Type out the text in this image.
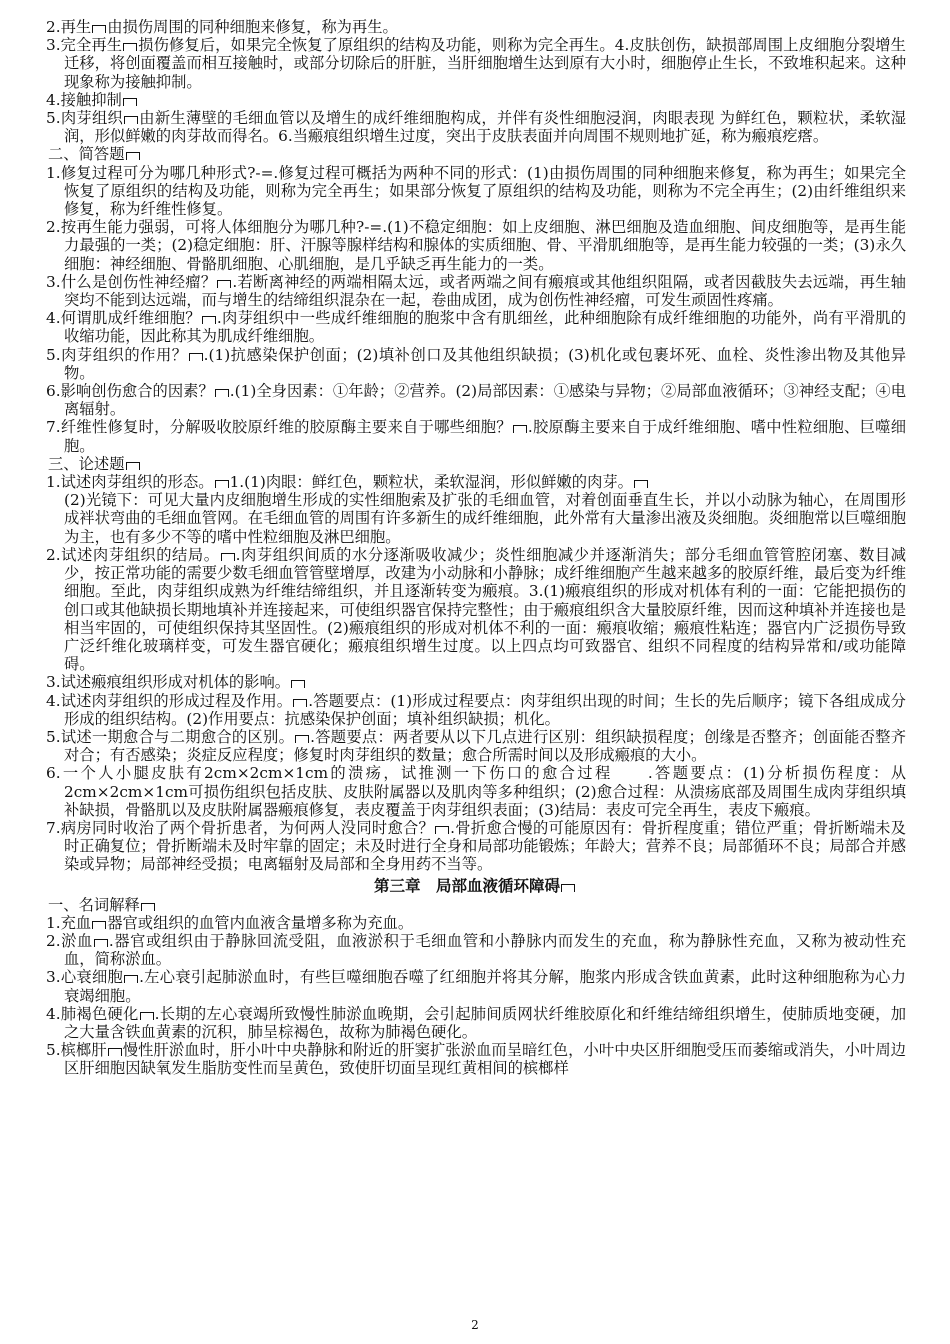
2.再生 由损伤周围的同种细胞来修复，称为再生。

3.完全再生 损伤修复后，如果完全恢复了原组织的结构及功能，则称为完全再生。4.皮肤创伤，缺损部周围上皮细胞分裂增生迁移，将创面覆盖而相互接触时，或部分切除后的肝脏，当肝细胞增生达到原有大小时，细胞停止生长，不致堆积起来。这种现象称为接触抑制。

4.接触抑制

5.肉芽组织 由新生薄壁的毛细血管以及增生的成纤维细胞构成，并伴有炎性细胞浸润，肉眼表现 为鲜红色，颗粒状，柔软湿润，形似鲜嫩的肉芽故而得名。6.当瘢痕组织增生过度，突出于皮肤表面并向周围不规则地扩延，称为瘢痕疙瘩。

二、简答题

1.修复过程可分为哪几种形式?-=.修复过程可概括为两种不同的形式：(1)由损伤周围的同种细胞来修复，称为再生；如果完全恢复了原组织的结构及功能，则称为完全再生；如果部分恢复了原组织的结构及功能，则称为不完全再生；(2)由纤维组织来修复，称为纤维性修复。

2.按再生能力强弱，可将人体细胞分为哪几种?-=.(1)不稳定细胞：如上皮细胞、淋巴细胞及造血细胞、间皮细胞等，是再生能力最强的一类；(2)稳定细胞：肝、汗腺等腺样结构和腺体的实质细胞、骨、平滑肌细胞等，是再生能力较强的一类；(3)永久细胞：神经细胞、骨骼肌细胞、心肌细胞，是几乎缺乏再生能力的一类。

3.什么是创伤性神经瘤？ .若断离神经的两端相隔太远，或者两端之间有瘢痕或其他组织阻隔，或者因截肢失去远端，再生轴突均不能到达远端，而与增生的结缔组织混杂在一起，卷曲成团，成为创伤性神经瘤，可发生顽固性疼痛。

4.何谓肌成纤维细胞？ .肉芽组织中一些成纤维细胞的胞浆中含有肌细丝，此种细胞除有成纤维细胞的功能外，尚有平滑肌的收缩功能，因此称其为肌成纤维细胞。

5.肉芽组织的作用？ .(1)抗感染保护创面；(2)填补创口及其他组织缺损；(3)机化或包裹坏死、血栓、炎性渗出物及其他异物。

6.影响创伤愈合的因素？ .(1)全身因素：①年龄；②营养。(2)局部因素：①感染与异物；②局部血液循环；③神经支配；④电离辐射。

7.纤维性修复时，分解吸收胶原纤维的胶原酶主要来自于哪些细胞？ .胶原酶主要来自于成纤维细胞、嗜中性粒细胞、巨噬细胞。

三、论述题

1.试述肉芽组织的形态。 1.(1)肉眼：鲜红色，颗粒状，柔软湿润，形似鲜嫩的肉芽。

(2)光镜下：可见大量内皮细胞增生形成的实性细胞索及扩张的毛细血管，对着创面垂直生长，并以小动脉为轴心，在周围形成袢状弯曲的毛细血管网。在毛细血管的周围有许多新生的成纤维细胞，此外常有大量渗出液及炎细胞。炎细胞常以巨噬细胞为主，也有多少不等的嗜中性粒细胞及淋巴细胞。

2.试述肉芽组织的结局。 .肉芽组织间质的水分逐渐吸收减少；炎性细胞减少并逐渐消失；部分毛细血管管腔闭塞、数目减少，按正常功能的需要少数毛细血管管壁增厚，改建为小动脉和小静脉；成纤维细胞产生越来越多的胶原纤维，最后变为纤维细胞。至此，肉芽组织成熟为纤维结缔组织，并且逐渐转变为瘢痕。3.(1)瘢痕组织的形成对机体有利的一面：它能把损伤的创口或其他缺损长期地填补并连接起来，可使组织器官保持完整性；由于瘢痕组织含大量胶原纤维，因而这种填补并连接也是相当牢固的，可使组织保持其坚固性。(2)瘢痕组织的形成对机体不利的一面：瘢痕收缩；瘢痕性粘连；器官内广泛损伤导致广泛纤维化玻璃样变，可发生器官硬化；瘢痕组织增生过度。以上四点均可致器官、组织不同程度的结构异常和/或功能障碍。

3.试述瘢痕组织形成对机体的影响。

4.试述肉芽组织的形成过程及作用。 .答题要点：(1)形成过程要点：肉芽组织出现的时间；生长的先后顺序；镜下各组成成分形成的组织结构。(2)作用要点：抗感染保护创面；填补组织缺损；机化。

5.试述一期愈合与二期愈合的区别。 .答题要点：两者要从以下几点进行区别：组织缺损程度；创缘是否整齐；创面能否整齐对合；有否感染；炎症反应程度；修复时肉芽组织的数量；愈合所需时间以及形成瘢痕的大小。

6.一个人小腿皮肤有2cm×2cm×1cm的溃疡，试推测一下伤口的愈合过程　　.答题要点：(1)分析损伤程度：从2cm×2cm×1cm可损伤组织包括皮肤、皮肤附属器以及肌肉等多种组织；(2)愈合过程：从溃疡底部及周围生成肉芽组织填补缺损，骨骼肌以及皮肤附属器瘢痕修复，表皮覆盖于肉芽组织表面；(3)结局：表皮可完全再生，表皮下瘢痕。

7.病房同时收治了两个骨折患者，为何两人没同时愈合？ .骨折愈合慢的可能原因有：骨折程度重；错位严重；骨折断端未及时正确复位；骨折断端未及时牢靠的固定；未及时进行全身和局部功能锻炼；年龄大；营养不良；局部循环不良；局部合并感染或异物；局部神经受损；电离辐射及局部和全身用药不当等。

第三章　局部血液循环障碍

一、名词解释

1.充血 器官或组织的血管内血液含量增多称为充血。

2.淤血 .器官或组织由于静脉回流受阻，血液淤积于毛细血管和小静脉内而发生的充血，称为静脉性充血，又称为被动性充血，简称淤血。

3.心衰细胞 .左心衰引起肺淤血时，有些巨噬细胞吞噬了红细胞并将其分解，胞浆内形成含铁血黄素，此时这种细胞称为心力衰竭细胞。

4.肺褐色硬化 .长期的左心衰竭所致慢性肺淤血晚期，会引起肺间质网状纤维胶原化和纤维结缔组织增生，使肺质地变硬，加之大量含铁血黄素的沉积，肺呈棕褐色，故称为肺褐色硬化。

5.槟榔肝 慢性肝淤血时，肝小叶中央静脉和附近的肝窦扩张淤血而呈暗红色，小叶中央区肝细胞受压而萎缩或消失，小叶周边区肝细胞因缺氧发生脂肪变性而呈黄色，致使肝切面呈现红黄相间的槟榔样

2
